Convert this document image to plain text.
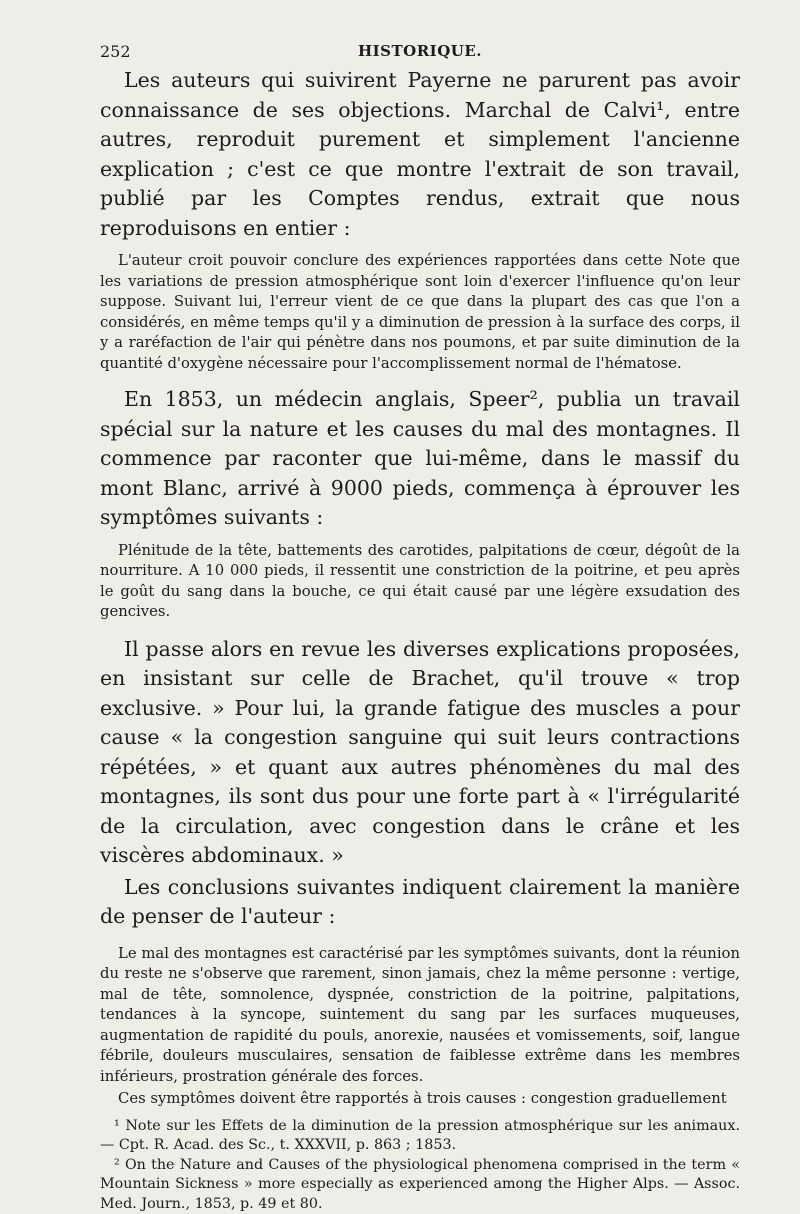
252	HISTORIQUE.

Les auteurs qui suivirent Payerne ne parurent pas avoir connaissance de ses objections. Marchal de Calvi¹, entre autres, reproduit purement et simplement l'ancienne explication ; c'est ce que montre l'extrait de son travail, publié par les Comptes rendus, extrait que nous reproduisons en entier :

L'auteur croit pouvoir conclure des expériences rapportées dans cette Note que les variations de pression atmosphérique sont loin d'exercer l'influence qu'on leur suppose. Suivant lui, l'erreur vient de ce que dans la plupart des cas que l'on a considérés, en même temps qu'il y a diminution de pression à la surface des corps, il y a raréfaction de l'air qui pénètre dans nos poumons, et par suite diminution de la quantité d'oxygène nécessaire pour l'accomplissement normal de l'hématose.

En 1853, un médecin anglais, Speer², publia un travail spécial sur la nature et les causes du mal des montagnes. Il commence par raconter que lui-même, dans le massif du mont Blanc, arrivé à 9000 pieds, commença à éprouver les symptômes suivants :

Plénitude de la tête, battements des carotides, palpitations de cœur, dégoût de la nourriture. A 10 000 pieds, il ressentit une constriction de la poitrine, et peu après le goût du sang dans la bouche, ce qui était causé par une légère exsudation des gencives.

Il passe alors en revue les diverses explications proposées, en insistant sur celle de Brachet, qu'il trouve « trop exclusive. » Pour lui, la grande fatigue des muscles a pour cause « la congestion sanguine qui suit leurs contractions répétées, » et quant aux autres phénomènes du mal des montagnes, ils sont dus pour une forte part à « l'irrégularité de la circulation, avec congestion dans le crâne et les viscères abdominaux. »

Les conclusions suivantes indiquent clairement la manière de penser de l'auteur :

Le mal des montagnes est caractérisé par les symptômes suivants, dont la réunion du reste ne s'observe que rarement, sinon jamais, chez la même personne : vertige, mal de tête, somnolence, dyspnée, constriction de la poitrine, palpitations, tendances à la syncope, suintement du sang par les surfaces muqueuses, augmentation de rapidité du pouls, anorexie, nausées et vomissements, soif, langue fébrile, douleurs musculaires, sensation de faiblesse extrême dans les membres inférieurs, prostration générale des forces.

Ces symptômes doivent être rapportés à trois causes : congestion graduellement

¹ Note sur les Effets de la diminution de la pression atmosphérique sur les animaux. — Cpt. R. Acad. des Sc., t. XXXVII, p. 863 ; 1853.

² On the Nature and Causes of the physiological phenomena comprised in the term « Mountain Sickness » more especially as experienced among the Higher Alps. — Assoc. Med. Journ., 1853, p. 49 et 80.
